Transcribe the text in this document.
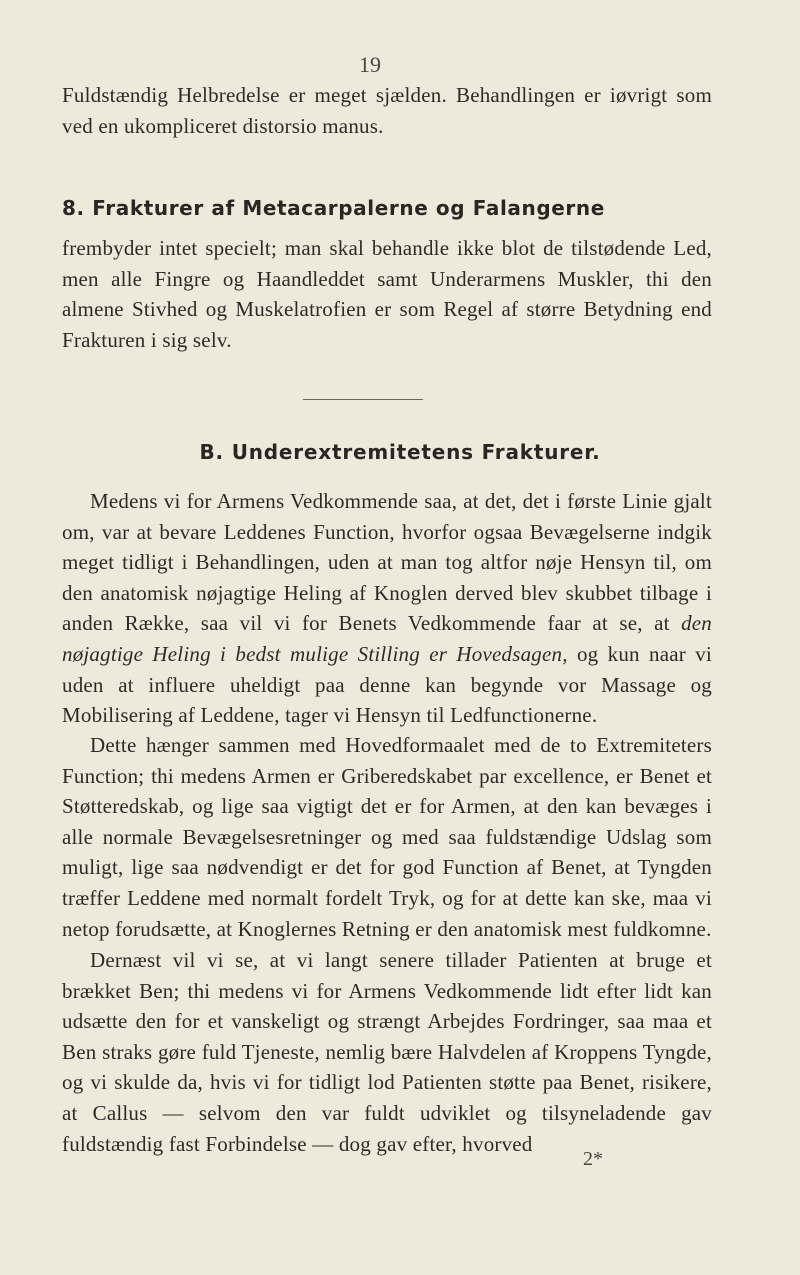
19

Fuldstændig Helbredelse er meget sjælden. Behandlingen er iøvrigt som ved en ukompliceret distorsio manus.

8. Frakturer af Metacarpalerne og Falangerne

frembyder intet specielt; man skal behandle ikke blot de tilstødende Led, men alle Fingre og Haandleddet samt Underarmens Muskler, thi den almene Stivhed og Muskelatrofien er som Regel af større Betydning end Frakturen i sig selv.

B. Underextremitetens Frakturer.

Medens vi for Armens Vedkommende saa, at det, det i første Linie gjalt om, var at bevare Leddenes Function, hvorfor ogsaa Bevægelserne indgik meget tidligt i Behandlingen, uden at man tog altfor nøje Hensyn til, om den anatomisk nøjagtige Heling af Knoglen derved blev skubbet tilbage i anden Række, saa vil vi for Benets Vedkommende faar at se, at den nøjagtige Heling i bedst mulige Stilling er Hovedsagen, og kun naar vi uden at influere uheldigt paa denne kan begynde vor Massage og Mobilisering af Leddene, tager vi Hensyn til Ledfunctionerne.

Dette hænger sammen med Hovedformaalet med de to Extremiteters Function; thi medens Armen er Griberedskabet par excellence, er Benet et Støtteredskab, og lige saa vigtigt det er for Armen, at den kan bevæges i alle normale Bevægelsesretninger og med saa fuldstændige Udslag som muligt, lige saa nødvendigt er det for god Function af Benet, at Tyngden træffer Leddene med normalt fordelt Tryk, og for at dette kan ske, maa vi netop forudsætte, at Knoglernes Retning er den anatomisk mest fuldkomne.

Dernæst vil vi se, at vi langt senere tillader Patienten at bruge et brækket Ben; thi medens vi for Armens Vedkommende lidt efter lidt kan udsætte den for et vanskeligt og strængt Arbejdes Fordringer, saa maa et Ben straks gøre fuld Tjeneste, nemlig bære Halvdelen af Kroppens Tyngde, og vi skulde da, hvis vi for tidligt lod Patienten støtte paa Benet, risikere, at Callus — selvom den var fuldt udviklet og tilsyneladende gav fuldstændig fast Forbindelse — dog gav efter, hvorved

2*
